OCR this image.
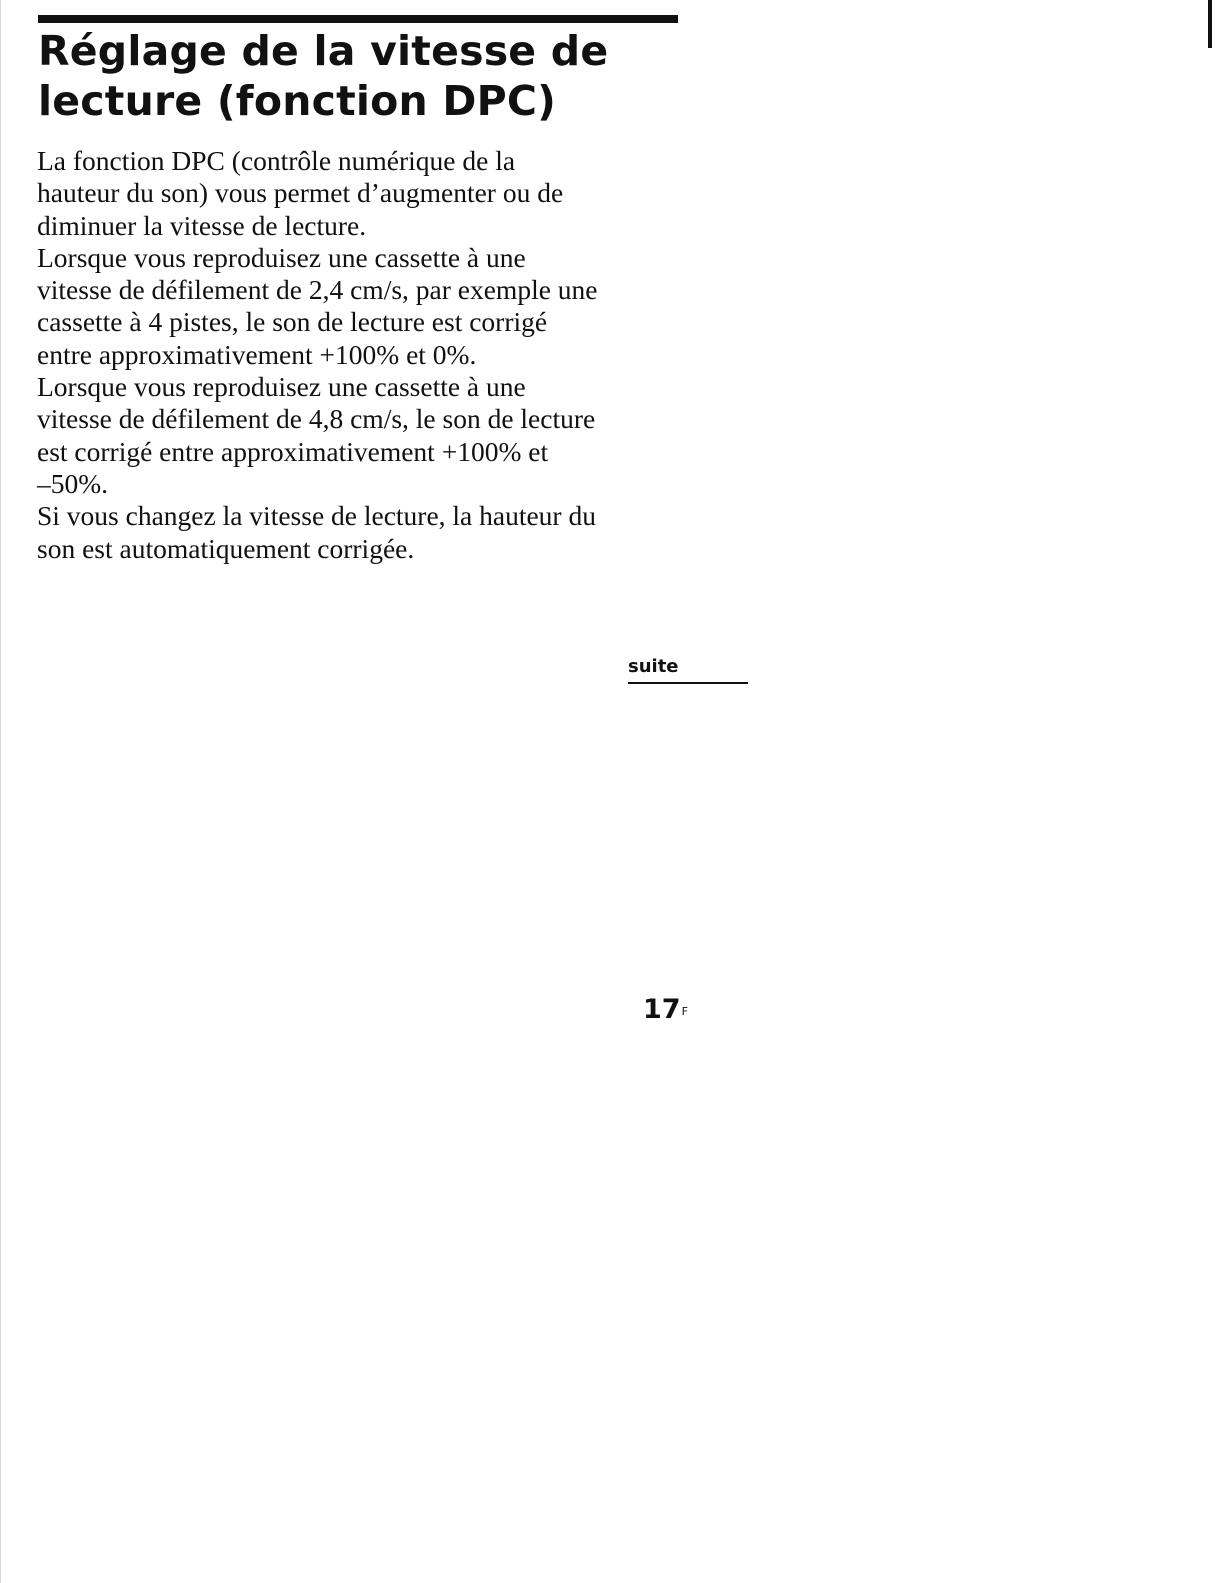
Réglage de la vitesse de
lecture (fonction DPC)
La fonction DPC (contrôle numérique de la
hauteur du son) vous permet d’augmenter ou de
diminuer la vitesse de lecture.
Lorsque vous reproduisez une cassette à une
vitesse de défilement de 2,4 cm/s, par exemple une
cassette à 4 pistes, le son de lecture est corrigé
entre approximativement +100% et 0%.
Lorsque vous reproduisez une cassette à une
vitesse de défilement de 4,8 cm/s, le son de lecture
est corrigé entre approximativement +100% et
–50%.
Si vous changez la vitesse de lecture, la hauteur du
son est automatiquement corrigée.
suite
$17^F$
